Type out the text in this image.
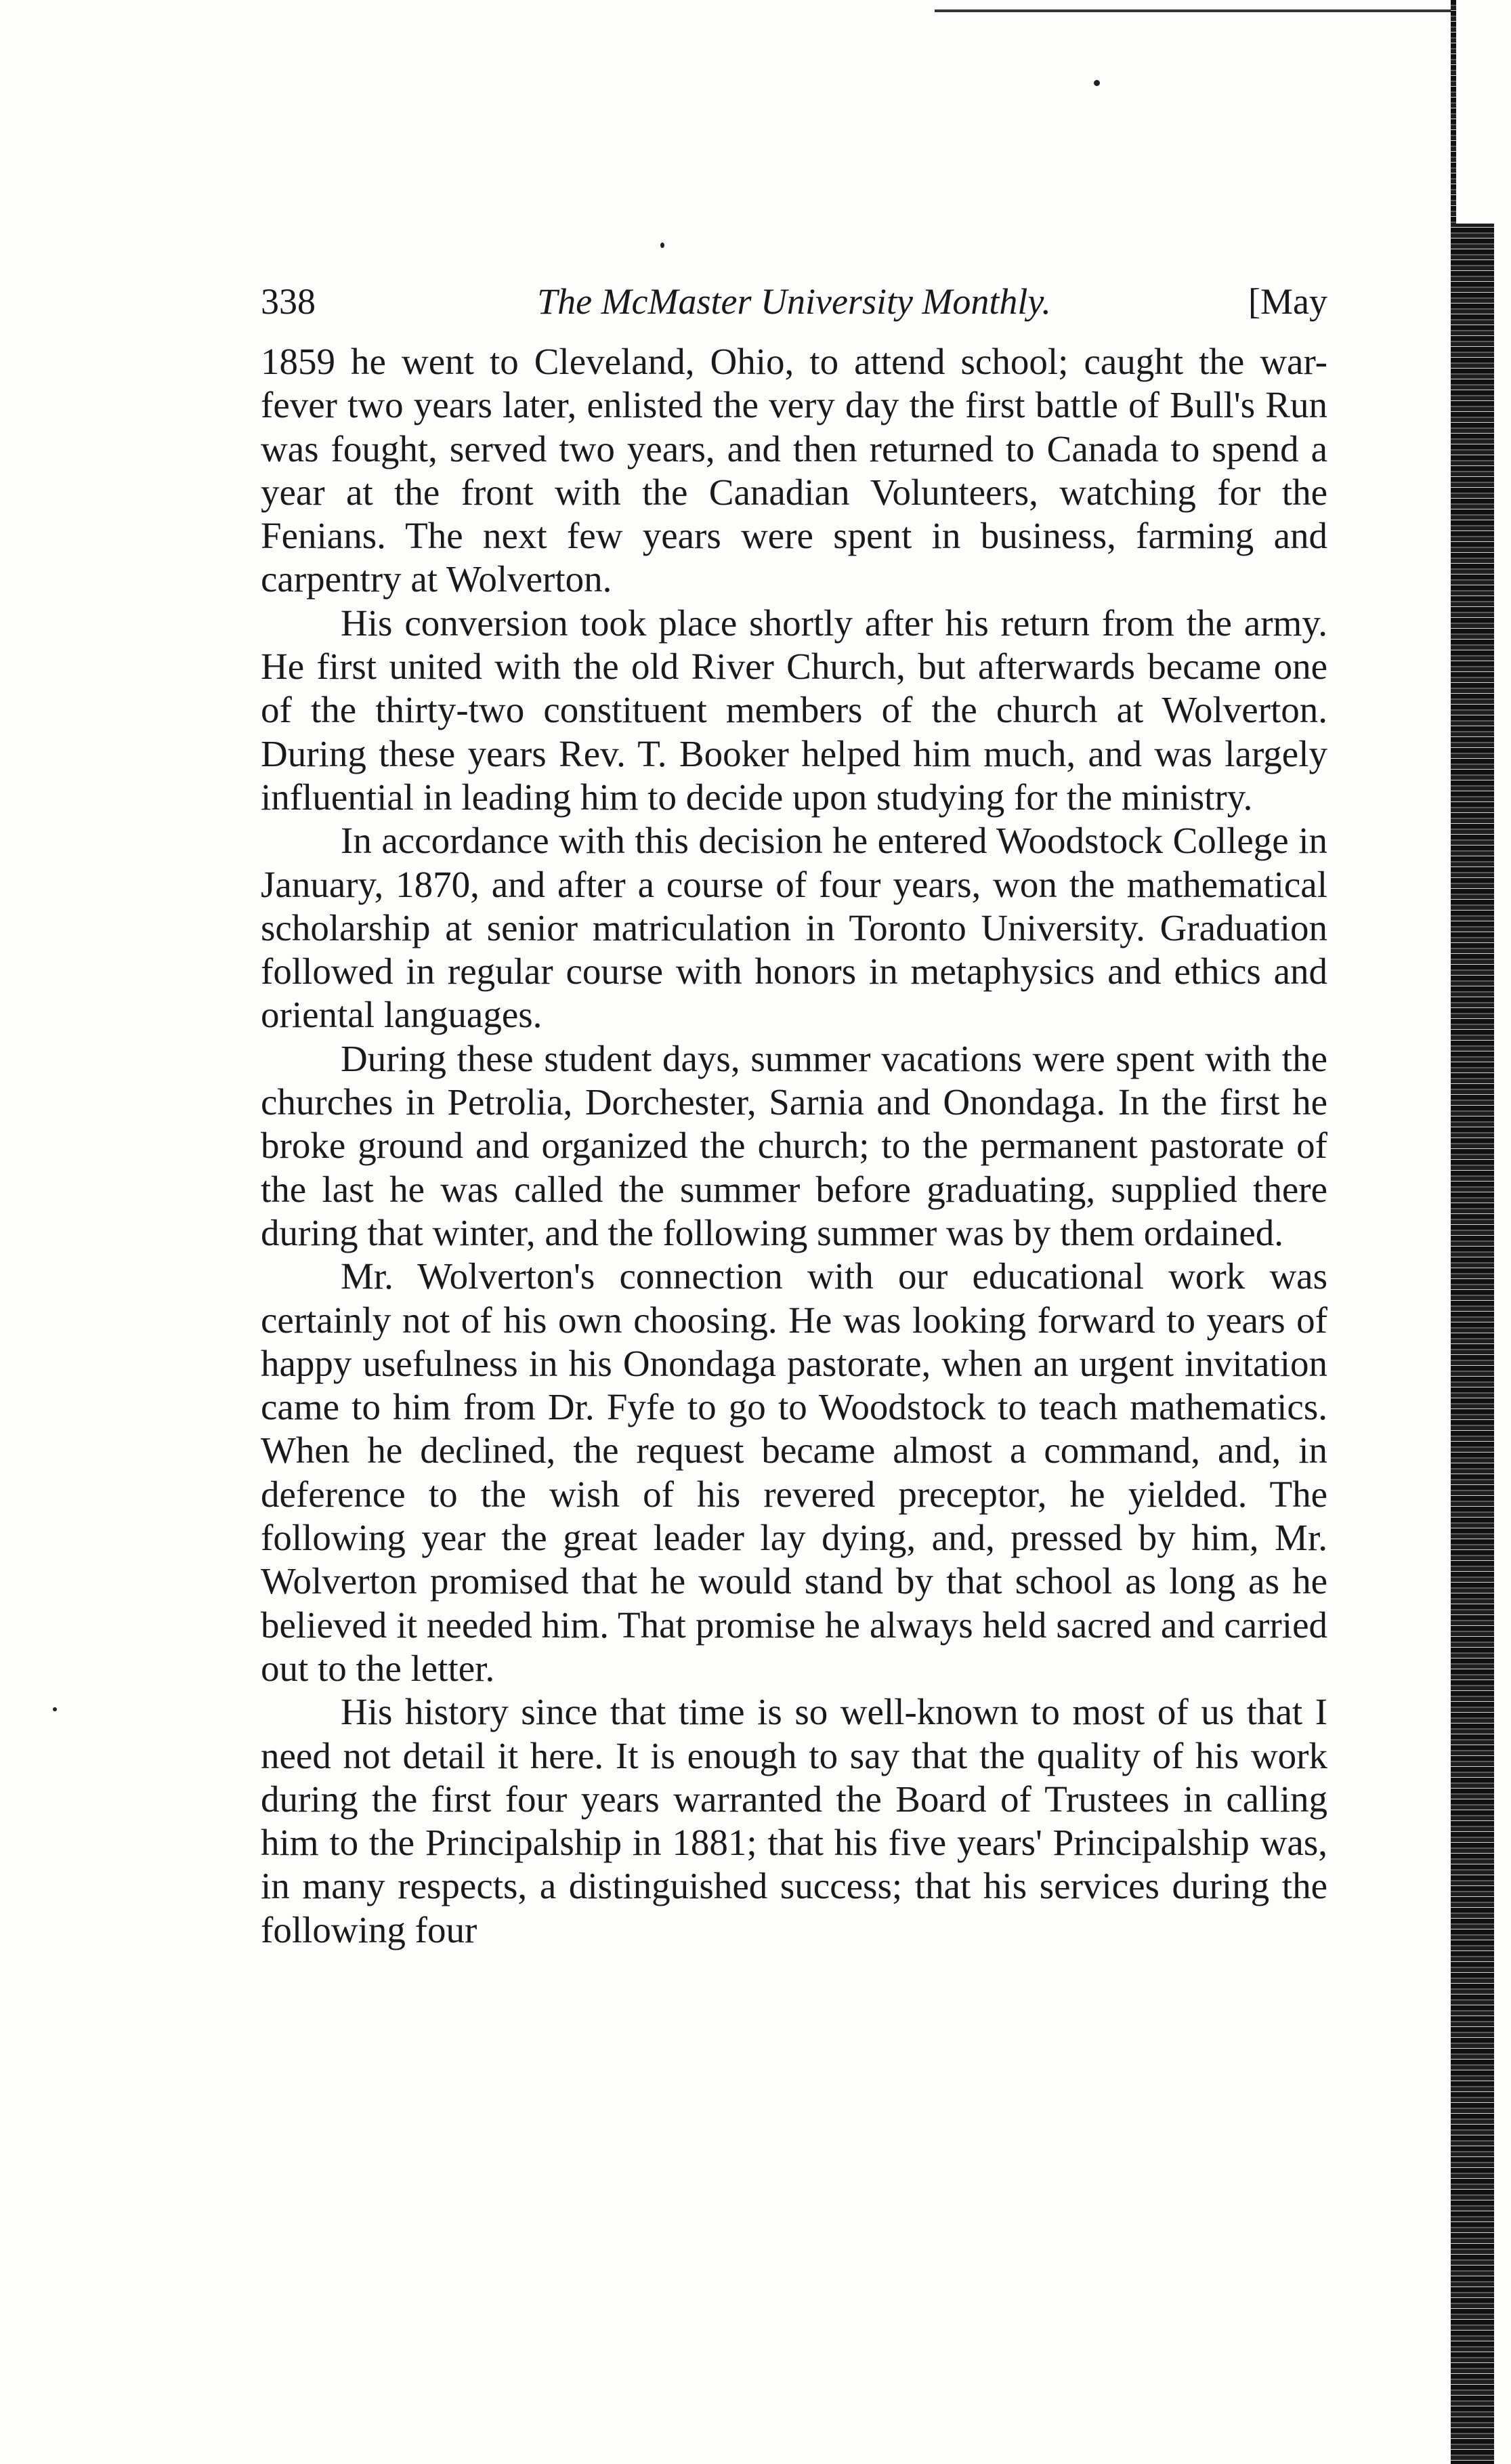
338	The McMaster University Monthly.	[May

1859 he went to Cleveland, Ohio, to attend school; caught the war-fever two years later, enlisted the very day the first battle of Bull's Run was fought, served two years, and then returned to Canada to spend a year at the front with the Canadian Volunteers, watching for the Fenians. The next few years were spent in business, farming and carpentry at Wolverton.

His conversion took place shortly after his return from the army. He first united with the old River Church, but afterwards became one of the thirty-two constituent members of the church at Wolverton. During these years Rev. T. Booker helped him much, and was largely influential in leading him to decide upon studying for the ministry.

In accordance with this decision he entered Woodstock College in January, 1870, and after a course of four years, won the mathematical scholarship at senior matriculation in Toronto University. Graduation followed in regular course with honors in metaphysics and ethics and oriental languages.

During these student days, summer vacations were spent with the churches in Petrolia, Dorchester, Sarnia and Onondaga. In the first he broke ground and organized the church; to the permanent pastorate of the last he was called the summer before graduating, supplied there during that winter, and the following summer was by them ordained.

Mr. Wolverton's connection with our educational work was certainly not of his own choosing. He was looking forward to years of happy usefulness in his Onondaga pastorate, when an urgent invitation came to him from Dr. Fyfe to go to Woodstock to teach mathematics. When he declined, the request became almost a command, and, in deference to the wish of his revered preceptor, he yielded. The following year the great leader lay dying, and, pressed by him, Mr. Wolverton promised that he would stand by that school as long as he believed it needed him. That promise he always held sacred and carried out to the letter.

His history since that time is so well-known to most of us that I need not detail it here. It is enough to say that the quality of his work during the first four years warranted the Board of Trustees in calling him to the Principalship in 1881; that his five years' Principalship was, in many respects, a distinguished success; that his services during the following four
